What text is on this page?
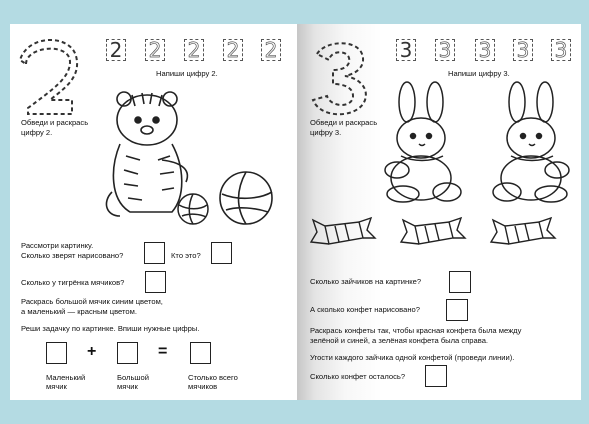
2 2 2 2 2
Напиши цифру 2.
Обведи и раскрась
цифру 2.
Рассмотри картинку.
Сколько зверят нарисовано?	Кто это?
Сколько у тигрёнка мячиков?
Раскрась большой мячик синим цветом,
а маленький — красным цветом.
Реши задачку по картинке. Впиши нужные цифры.
+	=
Маленький
мячик
Большой
мячик
Столько всего
мячиков
3 3 3 3 3
Напиши цифру 3.
Обведи и раскрась
цифру 3.
Сколько зайчиков на картинке?
А сколько конфет нарисовано?
Раскрась конфеты так, чтобы красная конфета была между
зелёной и синей, а зелёная конфета была справа.
Угости каждого зайчика одной конфетой (проведи линии).
Сколько конфет осталось?
